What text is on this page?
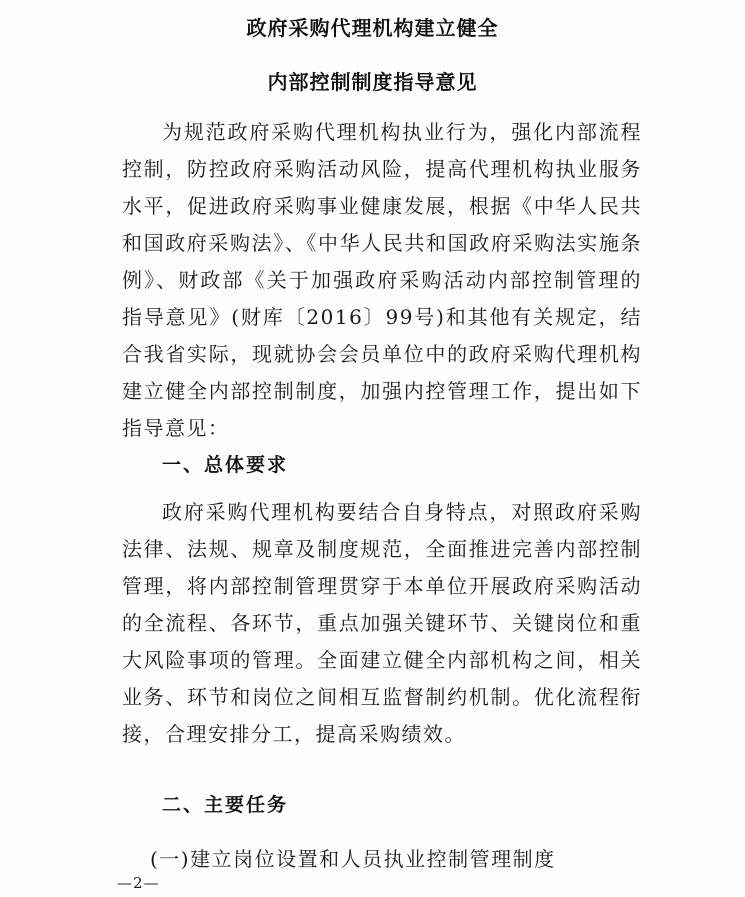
政府采购代理机构建立健全
内部控制制度指导意见
为规范政府采购代理机构执业行为，强化内部流程控制，防控政府采购活动风险，提高代理机构执业服务水平，促进政府采购事业健康发展，根据《中华人民共和国政府采购法》、《中华人民共和国政府采购法实施条例》、财政部《关于加强政府采购活动内部控制管理的指导意见》(财库〔2016〕99号)和其他有关规定，结合我省实际，现就协会会员单位中的政府采购代理机构建立健全内部控制制度，加强内控管理工作，提出如下指导意见：
一、总体要求
政府采购代理机构要结合自身特点，对照政府采购法律、法规、规章及制度规范，全面推进完善内部控制管理，将内部控制管理贯穿于本单位开展政府采购活动的全流程、各环节，重点加强关键环节、关键岗位和重大风险事项的管理。全面建立健全内部机构之间，相关业务、环节和岗位之间相互监督制约机制。优化流程衔接，合理安排分工，提高采购绩效。
二、主要任务
(一)建立岗位设置和人员执业控制管理制度
—2—
